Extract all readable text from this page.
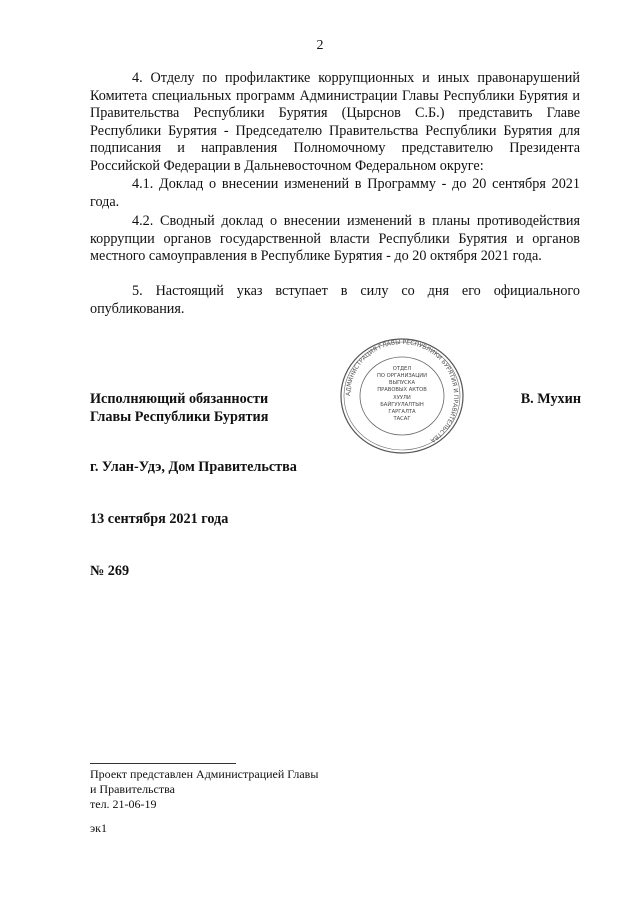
2

4. Отделу по профилактике коррупционных и иных правонарушений Комитета специальных программ Администрации Главы Республики Бурятия и Правительства Республики Бурятия (Цырснов С.Б.) представить Главе Республики Бурятия - Председателю Правительства Республики Бурятия для подписания и направления Полномочному представителю Президента Российской Федерации в Дальневосточном Федеральном округе:

4.1. Доклад о внесении изменений в Программу - до 20 сентября 2021 года.

4.2. Сводный доклад о внесении изменений в планы противодействия коррупции органов государственной власти Республики Бурятия и органов местного самоуправления в Республике Бурятия - до 20 октября 2021 года.

5. Настоящий указ вступает в силу со дня его официального опубликования.

АДМИНИСТРАЦИЯ ГЛАВЫ РЕСПУБЛИКИ БУРЯТИЯ И ПРАВИТЕЛЬСТВА
ОТДЕЛ
ПО ОРГАНИЗАЦИИ
ВЫПУСКА
ПРАВОВЫХ АКТОВ
ХУУЛИ
БАЙГУУЛАЛТЫН
ГАРГАЛТА
ТАСАГ
Исполняющий обязанности
Главы Республики Бурятия
В. Мухин
г. Улан-Удэ, Дом Правительства
13 сентября 2021 года
№ 269
Проект представлен Администрацией Главы
и Правительства
тел. 21-06-19
эк1
